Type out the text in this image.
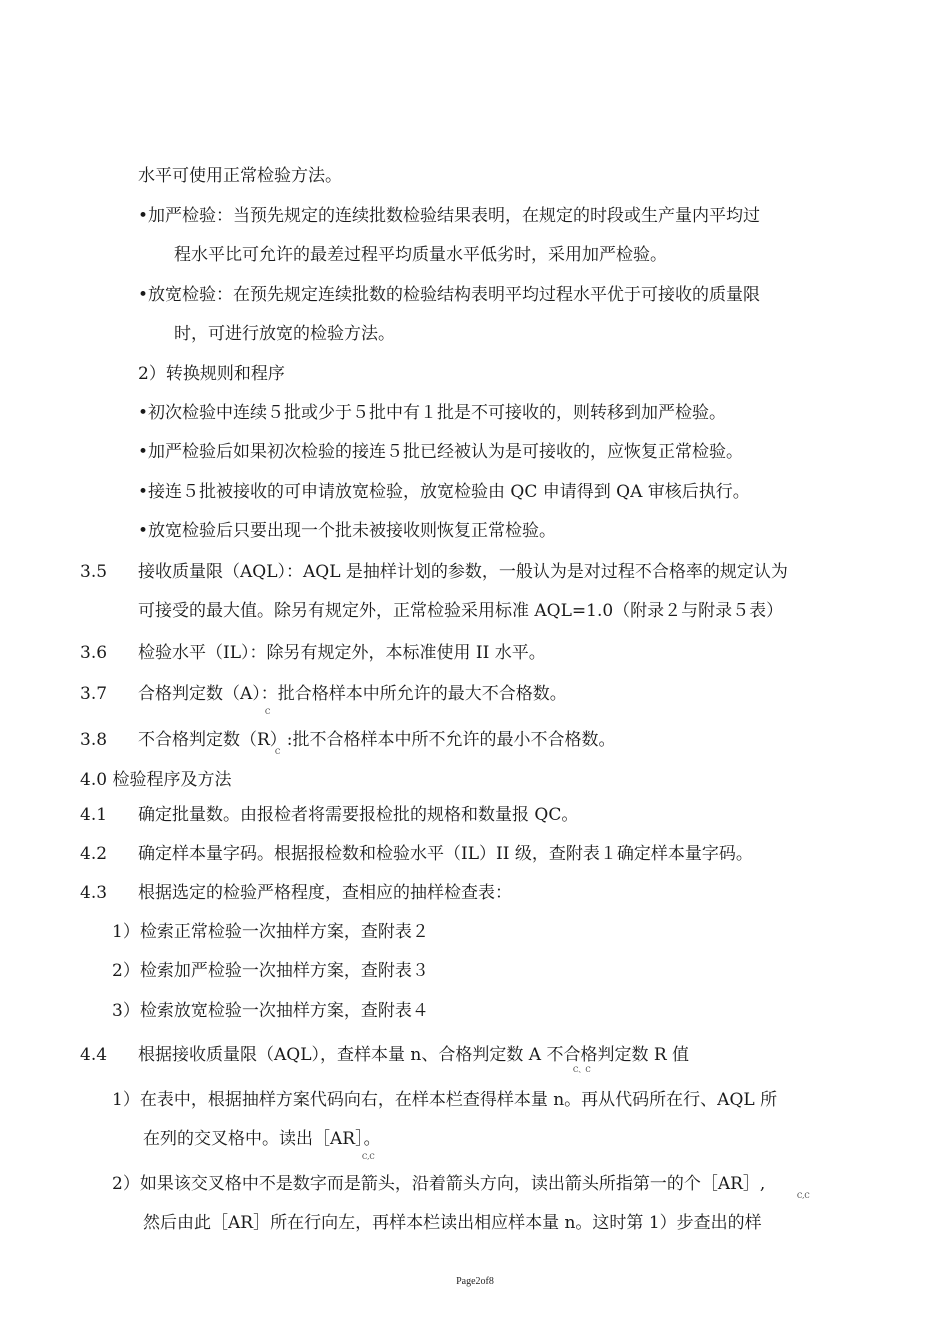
水平可使用正常检验方法。
•加严检验：当预先规定的连续批数检验结果表明，在规定的时段或生产量内平均过
程水平比可允许的最差过程平均质量水平低劣时，采用加严检验。
•放宽检验：在预先规定连续批数的检验结构表明平均过程水平优于可接收的质量限
时，可进行放宽的检验方法。
2）转换规则和程序
•初次检验中连续５批或少于５批中有１批是不可接收的，则转移到加严检验。
•加严检验后如果初次检验的接连５批已经被认为是可接收的，应恢复正常检验。
•接连５批被接收的可申请放宽检验，放宽检验由 QC 申请得到 QA 审核后执行。
•放宽检验后只要出现一个批未被接收则恢复正常检验。
3.5 接收质量限（AQL）：AQL 是抽样计划的参数，一般认为是对过程不合格率的规定认为
可接受的最大值。除另有规定外，正常检验采用标准 AQL=1.0（附录２与附录５表）
3.6 检验水平（IL）：除另有规定外，本标准使用 II 水平。
3.7 合格判定数（A）：批合格样本中所允许的最大不合格数。
C
3.8 不合格判定数（R）:批不合格样本中所不允许的最小不合格数。
C
4.0 检验程序及方法
4.1 确定批量数。由报检者将需要报检批的规格和数量报 QC。
4.2 确定样本量字码。根据报检数和检验水平（IL）II 级，查附表１确定样本量字码。
4.3 根据选定的检验严格程度，查相应的抽样检查表：
1）检索正常检验一次抽样方案，查附表２
2）检索加严检验一次抽样方案，查附表３
3）检索放宽检验一次抽样方案，查附表４
4.4 根据接收质量限（AQL），查样本量 n、合格判定数 A 不合格判定数 R 值
C、C
1）在表中，根据抽样方案代码向右，在样本栏查得样本量 n。再从代码所在行、AQL 所
在列的交叉格中。读出［AR］。
C,C
2）如果该交叉格中不是数字而是箭头，沿着箭头方向，读出箭头所指第一的个［AR］,
C,C
然后由此［AR］所在行向左，再样本栏读出相应样本量 n。这时第 1）步查出的样
Page2of8
